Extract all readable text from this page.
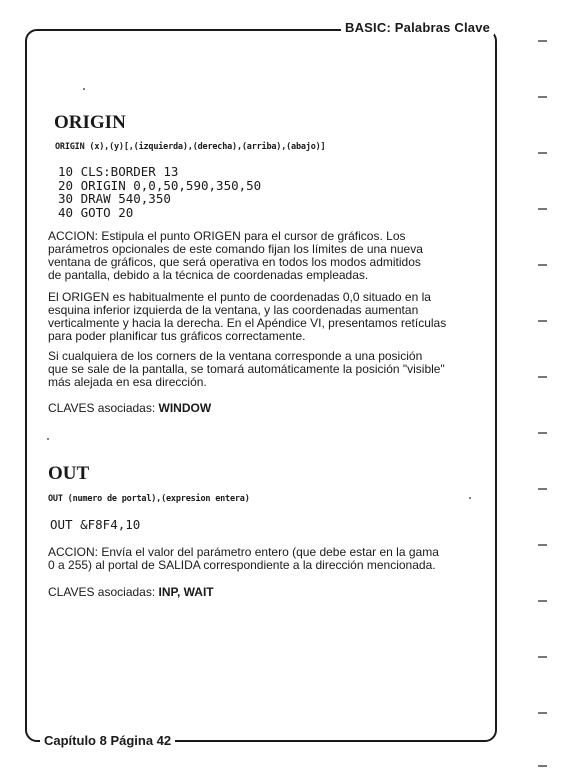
BASIC: Palabras Clave
Capítulo 8 Página 42
ORIGIN
ORIGIN (x),(y)[,(izquierda),(derecha),(arriba),(abajo)]
10 CLS:BORDER 13
20 ORIGIN 0,0,50,590,350,50
30 DRAW 540,350
40 GOTO 20
ACCION: Estipula el punto ORIGEN para el cursor de gráficos. Los
parámetros opcionales de este comando fijan los límites de una nueva
ventana de gráficos, que será operativa en todos los modos admitidos
de pantalla, debido a la técnica de coordenadas empleadas.
El ORIGEN es habitualmente el punto de coordenadas 0,0 situado en la
esquina inferior izquierda de la ventana, y las coordenadas aumentan
verticalmente y hacia la derecha. En el Apéndice VI, presentamos retículas
para poder planificar tus gráficos correctamente.
Si cualquiera de los corners de la ventana corresponde a una posición
que se sale de la pantalla, se tomará automáticamente la posición "visible"
más alejada en esa dirección.
CLAVES asociadas: WINDOW
OUT
OUT (numero de portal),(expresion entera)
OUT &F8F4,10
ACCION: Envía el valor del parámetro entero (que debe estar en la gama
0 a 255) al portal de SALIDA correspondiente a la dirección mencionada.
CLAVES asociadas: INP, WAIT
